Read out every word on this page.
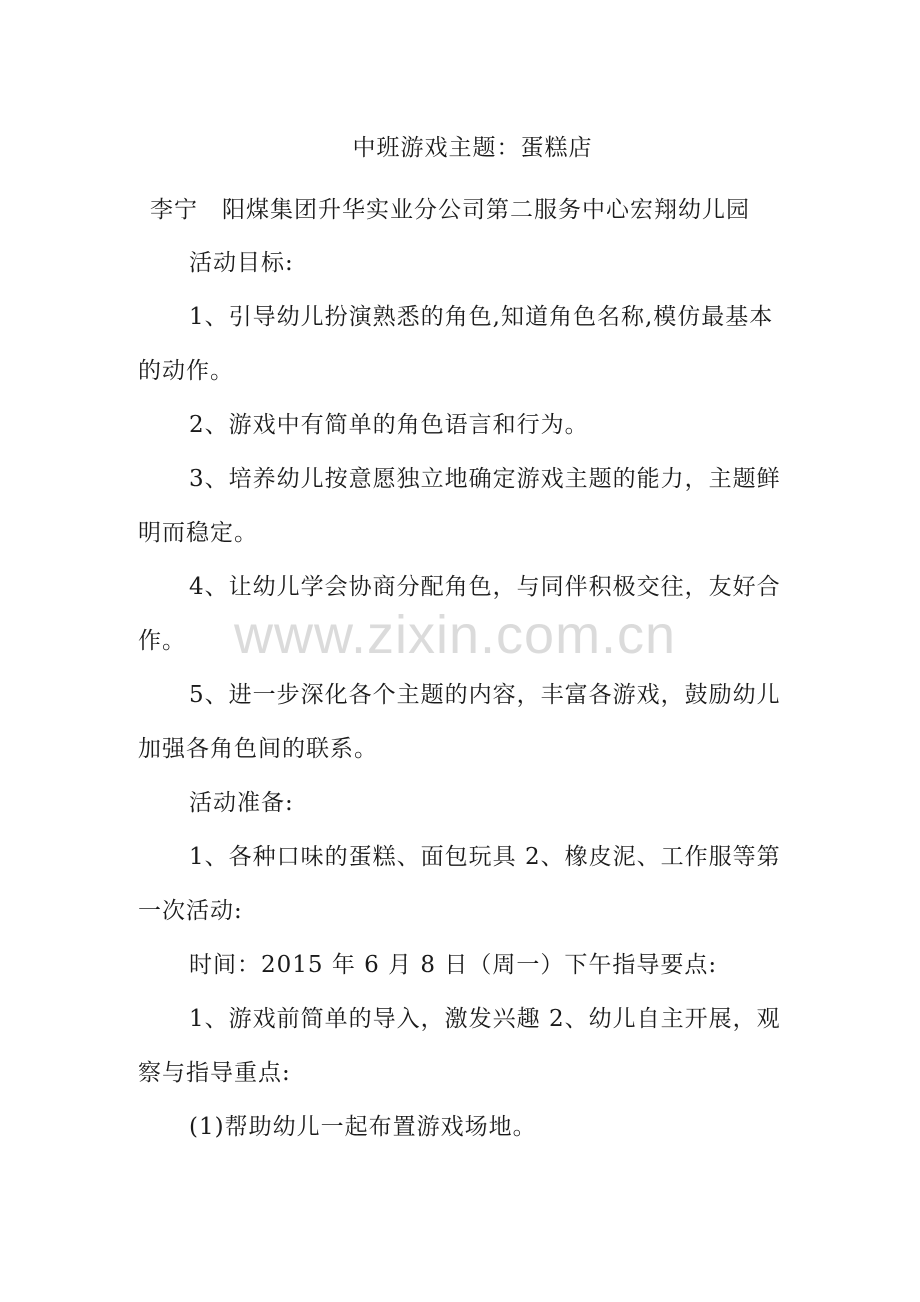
中班游戏主题：蛋糕店
李宁 阳煤集团升华实业分公司第二服务中心宏翔幼儿园

活动目标:

1、引导幼儿扮演熟悉的角色,知道角色名称,模仿最基本的动作。

2、游戏中有简单的角色语言和行为。

3、培养幼儿按意愿独立地确定游戏主题的能力，主题鲜明而稳定。

4、让幼儿学会协商分配角色，与同伴积极交往，友好合作。

5、进一步深化各个主题的内容，丰富各游戏，鼓励幼儿加强各角色间的联系。

活动准备:

1、各种口味的蛋糕、面包玩具 2、橡皮泥、工作服等第一次活动:

时间：2015 年 6 月 8 日（周一）下午指导要点:

1、游戏前简单的导入，激发兴趣 2、幼儿自主开展，观察与指导重点:

(1)帮助幼儿一起布置游戏场地。

www.zixin.com.cn
